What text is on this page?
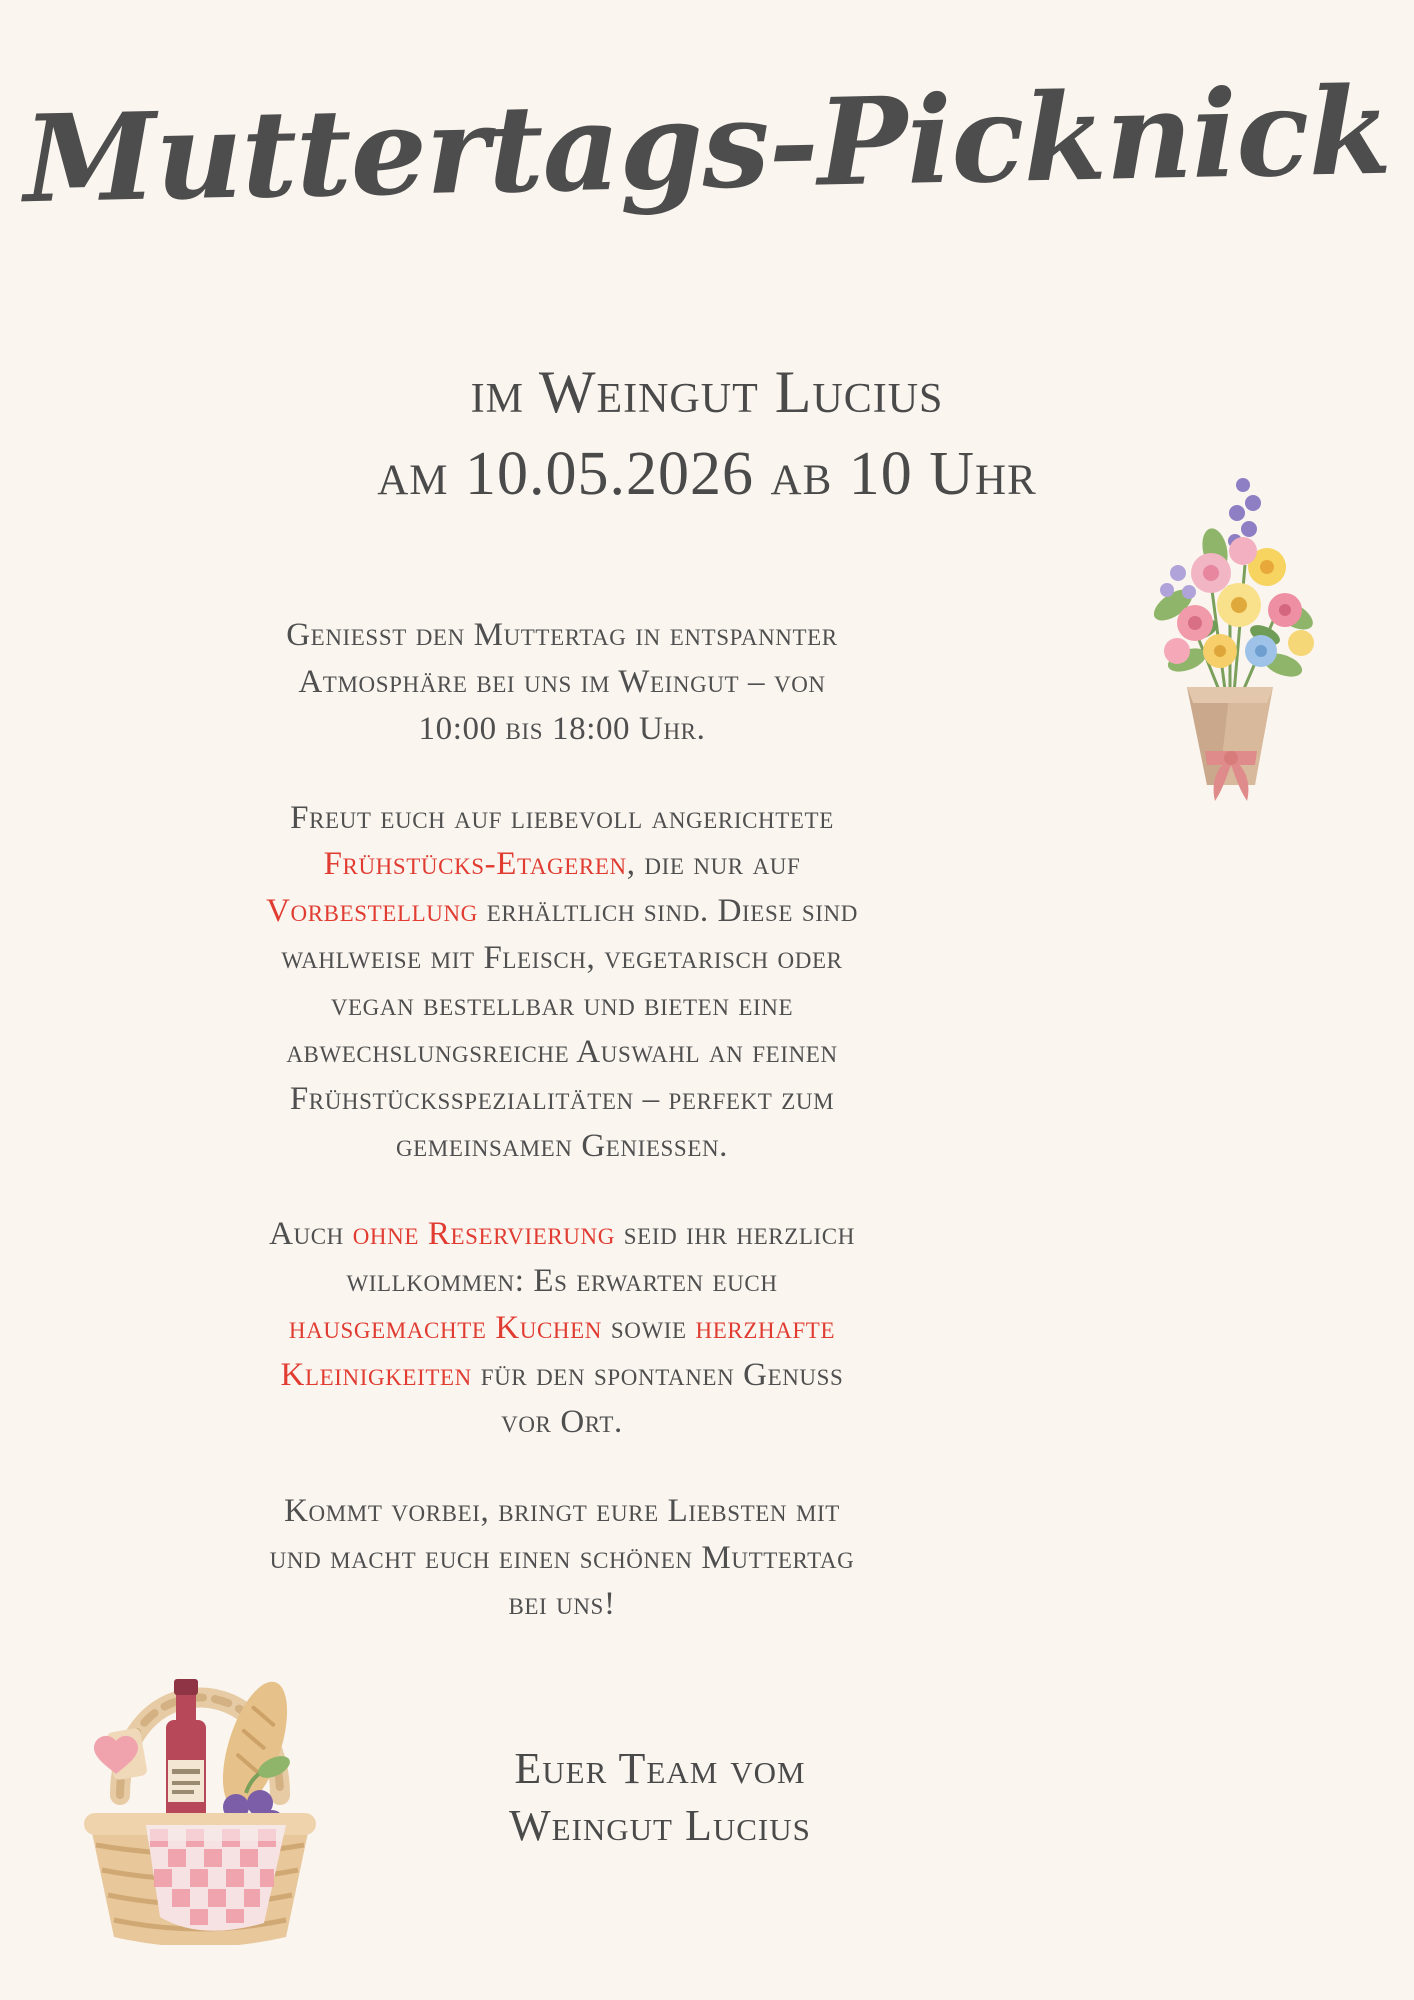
Muttertags-Picknick
im Weingut Lucius
am 10.05.2026 ab 10 Uhr

Geniesst den Muttertag in entspannter Atmosphäre bei uns im Weingut – von 10:00 bis 18:00 Uhr.

Freut euch auf liebevoll angerichtete Frühstücks-Etageren, die nur auf Vorbestellung erhältlich sind. Diese sind wahlweise mit Fleisch, vegetarisch oder vegan bestellbar und bieten eine abwechslungsreiche Auswahl an feinen Frühstücksspezialitäten – perfekt zum gemeinsamen Geniessen.

Auch ohne Reservierung seid ihr herzlich willkommen: Es erwarten euch hausgemachte Kuchen sowie herzhafte Kleinigkeiten für den spontanen Genuss vor Ort.

Kommt vorbei, bringt eure Liebsten mit und macht euch einen schönen Muttertag bei uns!

Euer Team vom
Weingut Lucius
